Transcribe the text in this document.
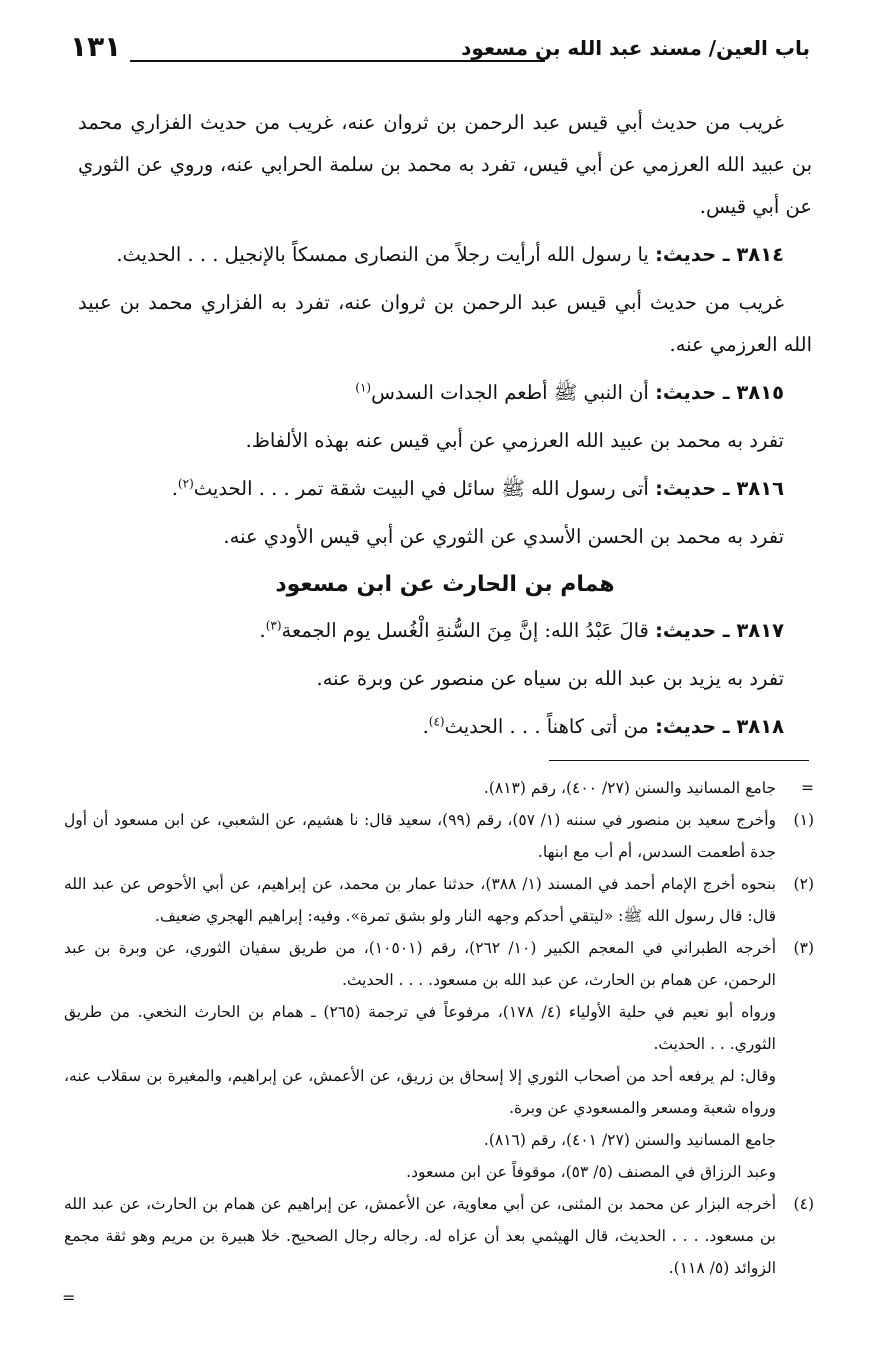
باب العين/ مسند عبد الله بن مسعود
١٣١

غريب من حديث أبي قيس عبد الرحمن بن ثروان عنه، غريب من حديث الفزاري محمد بن عبيد الله العرزمي عن أبي قيس، تفرد به محمد بن سلمة الحرابي عنه، وروي عن الثوري عن أبي قيس.

٣٨١٤ ـ حديث: يا رسول الله أرأيت رجلاً من النصارى ممسكاً بالإنجيل . . . الحديث.

غريب من حديث أبي قيس عبد الرحمن بن ثروان عنه، تفرد به الفزاري محمد بن عبيد الله العرزمي عنه.

٣٨١٥ ـ حديث: أن النبي ﷺ أطعم الجدات السدس$^{(١)}$

تفرد به محمد بن عبيد الله العرزمي عن أبي قيس عنه بهذه الألفاظ.

٣٨١٦ ـ حديث: أتى رسول الله ﷺ سائل في البيت شقة تمر . . . الحديث$^{(٢)}$.

تفرد به محمد بن الحسن الأسدي عن الثوري عن أبي قيس الأودي عنه.

همام بن الحارث عن ابن مسعود

٣٨١٧ ـ حديث: قالَ عَبْدُ الله: إنَّ مِنَ السُّنةِ الْغُسل يوم الجمعة$^{(٣)}$.

تفرد به يزيد بن عبد الله بن سياه عن منصور عن وبرة عنه.

٣٨١٨ ـ حديث: من أتى كاهناً . . . الحديث$^{(٤)}$.

=

جامع المسانيد والسنن (٢٧/ ٤٠٠)، رقم (٨١٣).

(١)

وأخرج سعيد بن منصور في سننه (١/ ٥٧)، رقم (٩٩)، سعيد قال: نا هشيم، عن الشعبي، عن ابن مسعود أن أول جدة أطعمت السدس، أم أب مع ابنها.

(٢)

بنحوه أخرج الإمام أحمد في المسند (١/ ٣٨٨)، حدثنا عمار بن محمد، عن إبراهيم، عن أبي الأحوص عن عبد الله قال: قال رسول الله ﷺ: «ليتقي أحدكم وجهه النار ولو بشق تمرة». وفيه: إبراهيم الهجري ضعيف.

(٣)

أخرجه الطبراني في المعجم الكبير (١٠/ ٢٦٢)، رقم (١٠٥٠١)، من طريق سفيان الثوري، عن وبرة بن عبد الرحمن، عن همام بن الحارث، عن عبد الله بن مسعود. . . . الحديث.

ورواه أبو نعيم في حلية الأولياء (٤/ ١٧٨)، مرفوعاً في ترجمة (٢٦٥) ـ همام بن الحارث النخعي. من طريق الثوري. . . الحديث.

وقال: لم يرفعه أحد من أصحاب الثوري إلا إسحاق بن زريق، عن الأعمش، عن إبراهيم، والمغيرة بن سقلاب عنه، ورواه شعبة ومسعر والمسعودي عن وبرة.

جامع المسانيد والسنن (٢٧/ ٤٠١)، رقم (٨١٦).

وعبد الرزاق في المصنف (٥/ ٥٣)، موقوفاً عن ابن مسعود.

(٤)

أخرجه البزار عن محمد بن المثنى، عن أبي معاوية، عن الأعمش، عن إبراهيم عن همام بن الحارث، عن عبد الله بن مسعود. . . . الحديث، قال الهيثمي بعد أن عزاه له. رجاله رجال الصحيح. خلا هبيرة بن مريم وهو ثقة مجمع الزوائد (٥/ ١١٨).

=
